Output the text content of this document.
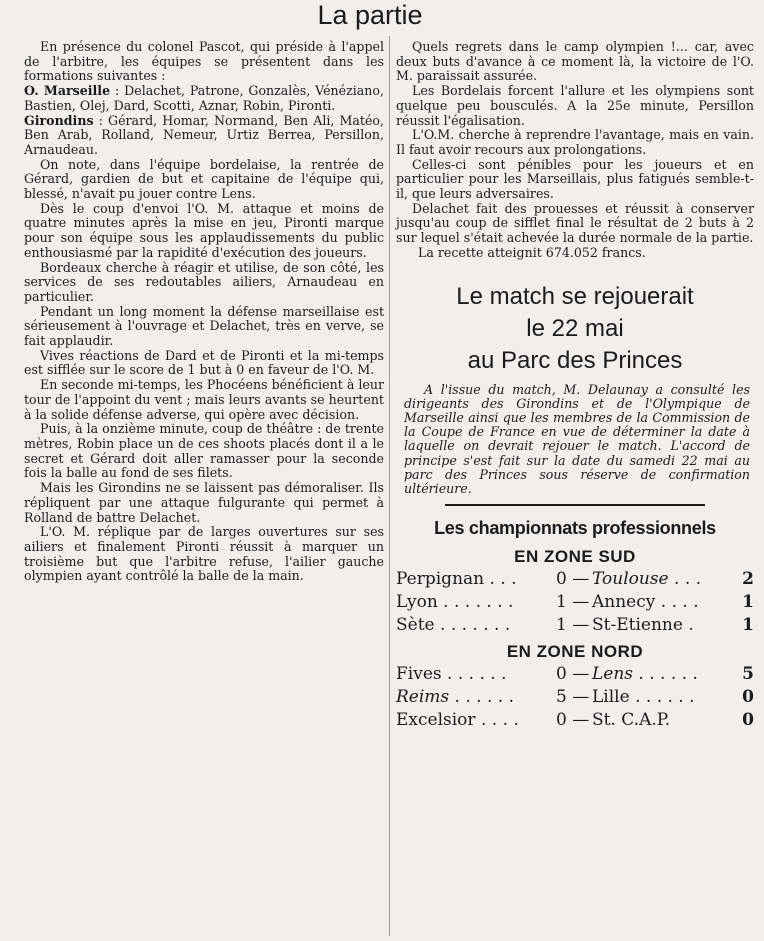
La partie

En présence du colonel Pascot, qui préside à l'appel de l'arbitre, les équipes se présentent dans les formations suivantes :

O. Marseille : Delachet, Patrone, Gonzalès, Vénéziano, Bastien, Olej, Dard, Scotti, Aznar, Robin, Pironti.

Girondins : Gérard, Homar, Normand, Ben Ali, Matéo, Ben Arab, Rolland, Nemeur, Urtiz Berrea, Persillon, Arnaudeau.

On note, dans l'équipe bordelaise, la rentrée de Gérard, gardien de but et capitaine de l'équipe qui, blessé, n'avait pu jouer contre Lens.

Dès le coup d'envoi l'O. M. attaque et moins de quatre minutes après la mise en jeu, Pironti marque pour son équipe sous les applaudissements du public enthousiasmé par la rapidité d'exécution des joueurs.

Bordeaux cherche à réagir et utilise, de son côté, les services de ses redoutables ailiers, Arnaudeau en particulier.

Pendant un long moment la défense marseillaise est sérieusement à l'ouvrage et Delachet, très en verve, se fait applaudir.

Vives réactions de Dard et de Pironti et la mi-temps est sifflée sur le score de 1 but à 0 en faveur de l'O. M.

En seconde mi-temps, les Phocéens bénéficient à leur tour de l'appoint du vent ; mais leurs avants se heurtent à la solide défense adverse, qui opère avec décision.

Puis, à la onzième minute, coup de théâtre : de trente mètres, Robin place un de ces shoots placés dont il a le secret et Gérard doit aller ramasser pour la seconde fois la balle au fond de ses filets.

Mais les Girondins ne se laissent pas démoraliser. Ils répliquent par une attaque fulgurante qui permet à Rolland de battre Delachet.

L'O. M. réplique par de larges ouvertures sur ses ailiers et finalement Pironti réussit à marquer un troisième but que l'arbitre refuse, l'ailier gauche olympien ayant contrôlé la balle de la main.

Quels regrets dans le camp olympien !... car, avec deux buts d'avance à ce moment là, la victoire de l'O. M. paraissait assurée.

Les Bordelais forcent l'allure et les olympiens sont quelque peu bousculés. A la 25e minute, Persillon réussit l'égalisation.

L'O.M. cherche à reprendre l'avantage, mais en vain. Il faut avoir recours aux prolongations.

Celles-ci sont pénibles pour les joueurs et en particulier pour les Marseillais, plus fatigués semble-t-il, que leurs adversaires.

Delachet fait des prouesses et réussit à conserver jusqu'au coup de sifflet final le résultat de 2 buts à 2 sur lequel s'était achevée la durée normale de la partie.

La recette atteignit 674.052 francs.

Le match se rejouerait
le 22 mai
au Parc des Princes

A l'issue du match, M. Delaunay a consulté les dirigeants des Girondins et de l'Olympique de Marseille ainsi que les membres de la Commission de la Coupe de France en vue de déterminer la date à laquelle on devrait rejouer le match. L'accord de principe s'est fait sur la date du samedi 22 mai au parc des Princes sous réserve de confirmation ultérieure.

Les championnats professionnels
EN ZONE SUD
Perpignan . . .	0 — Toulouse . . .	2
Lyon . . . . . . .	1 — Annecy . . . .	1
Sète . . . . . . .	1 — St-Etienne .	1
EN ZONE NORD
Fives . . . . . .	0 — Lens . . . . . .	5
Reims . . . . . .	5 — Lille . . . . . .	0
Excelsior . . . .	0 — St. C.A.P.	0
